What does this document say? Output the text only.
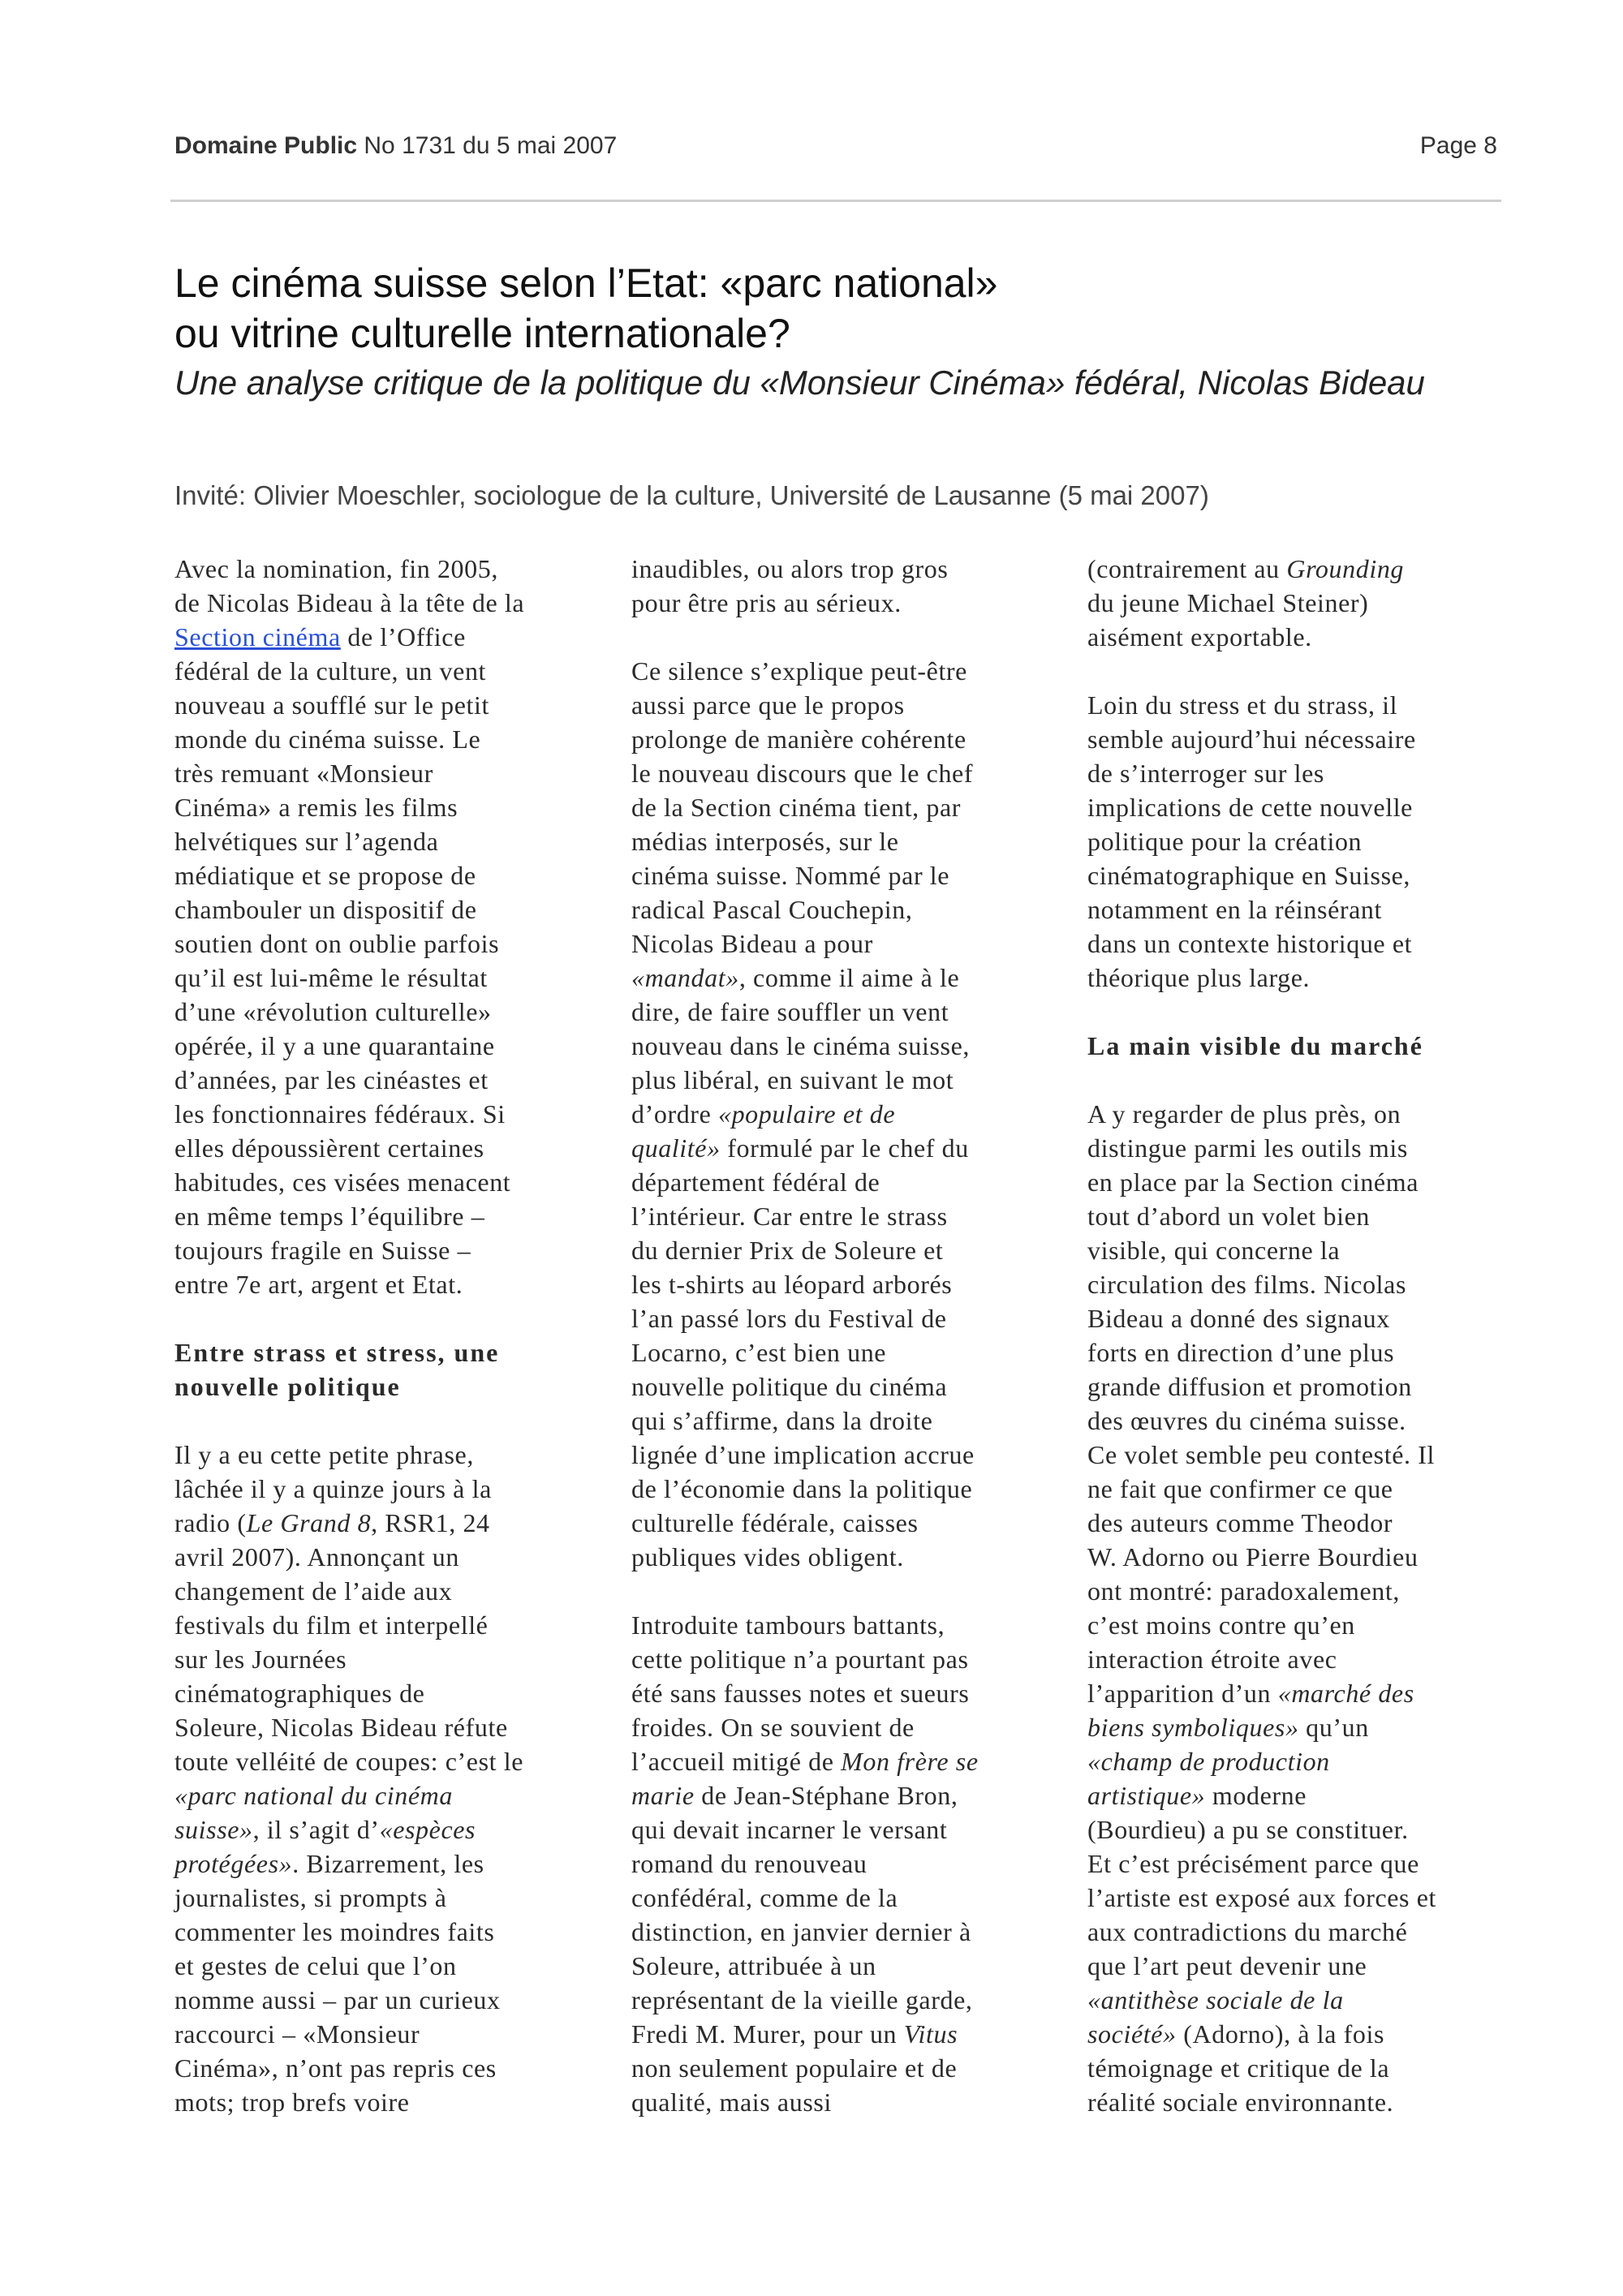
Domaine Public No 1731 du 5 mai 2007	Page 8
Le cinéma suisse selon l’Etat: «parc national»
ou vitrine culturelle internationale?

Une analyse critique de la politique du «Monsieur Cinéma» fédéral, Nicolas Bideau

Invité: Olivier Moeschler, sociologue de la culture, Université de Lausanne (5 mai 2007)

Avec la nomination, fin 2005,
de Nicolas Bideau à la tête de la
Section cinéma de l’Office
fédéral de la culture, un vent
nouveau a soufflé sur le petit
monde du cinéma suisse. Le
très remuant «Monsieur
Cinéma» a remis les films
helvétiques sur l’agenda
médiatique et se propose de
chambouler un dispositif de
soutien dont on oublie parfois
qu’il est lui-même le résultat
d’une «révolution culturelle»
opérée, il y a une quarantaine
d’années, par les cinéastes et
les fonctionnaires fédéraux. Si
elles dépoussièrent certaines
habitudes, ces visées menacent
en même temps l’équilibre –
toujours fragile en Suisse –
entre 7e art, argent et Etat.

Entre strass et stress, une
nouvelle politique

Il y a eu cette petite phrase,
lâchée il y a quinze jours à la
radio (Le Grand 8, RSR1, 24
avril 2007). Annonçant un
changement de l’aide aux
festivals du film et interpellé
sur les Journées
cinématographiques de
Soleure, Nicolas Bideau réfute
toute velléité de coupes: c’est le
«parc national du cinéma
suisse», il s’agit d’«espèces
protégées». Bizarrement, les
journalistes, si prompts à
commenter les moindres faits
et gestes de celui que l’on
nomme aussi – par un curieux
raccourci – «Monsieur
Cinéma», n’ont pas repris ces
mots; trop brefs voire

inaudibles, ou alors trop gros
pour être pris au sérieux.

Ce silence s’explique peut-être
aussi parce que le propos
prolonge de manière cohérente
le nouveau discours que le chef
de la Section cinéma tient, par
médias interposés, sur le
cinéma suisse. Nommé par le
radical Pascal Couchepin,
Nicolas Bideau a pour
«mandat», comme il aime à le
dire, de faire souffler un vent
nouveau dans le cinéma suisse,
plus libéral, en suivant le mot
d’ordre «populaire et de
qualité» formulé par le chef du
département fédéral de
l’intérieur. Car entre le strass
du dernier Prix de Soleure et
les t-shirts au léopard arborés
l’an passé lors du Festival de
Locarno, c’est bien une
nouvelle politique du cinéma
qui s’affirme, dans la droite
lignée d’une implication accrue
de l’économie dans la politique
culturelle fédérale, caisses
publiques vides obligent.

Introduite tambours battants,
cette politique n’a pourtant pas
été sans fausses notes et sueurs
froides. On se souvient de
l’accueil mitigé de Mon frère se
marie de Jean-Stéphane Bron,
qui devait incarner le versant
romand du renouveau
confédéral, comme de la
distinction, en janvier dernier à
Soleure, attribuée à un
représentant de la vieille garde,
Fredi M. Murer, pour un Vitus
non seulement populaire et de
qualité, mais aussi

(contrairement au Grounding
du jeune Michael Steiner)
aisément exportable.

Loin du stress et du strass, il
semble aujourd’hui nécessaire
de s’interroger sur les
implications de cette nouvelle
politique pour la création
cinématographique en Suisse,
notamment en la réinsérant
dans un contexte historique et
théorique plus large.

La main visible du marché

A y regarder de plus près, on
distingue parmi les outils mis
en place par la Section cinéma
tout d’abord un volet bien
visible, qui concerne la
circulation des films. Nicolas
Bideau a donné des signaux
forts en direction d’une plus
grande diffusion et promotion
des œuvres du cinéma suisse.
Ce volet semble peu contesté. Il
ne fait que confirmer ce que
des auteurs comme Theodor
W. Adorno ou Pierre Bourdieu
ont montré: paradoxalement,
c’est moins contre qu’en
interaction étroite avec
l’apparition d’un «marché des
biens symboliques» qu’un
«champ de production
artistique» moderne
(Bourdieu) a pu se constituer.
Et c’est précisément parce que
l’artiste est exposé aux forces et
aux contradictions du marché
que l’art peut devenir une
«antithèse sociale de la
société» (Adorno), à la fois
témoignage et critique de la
réalité sociale environnante.
